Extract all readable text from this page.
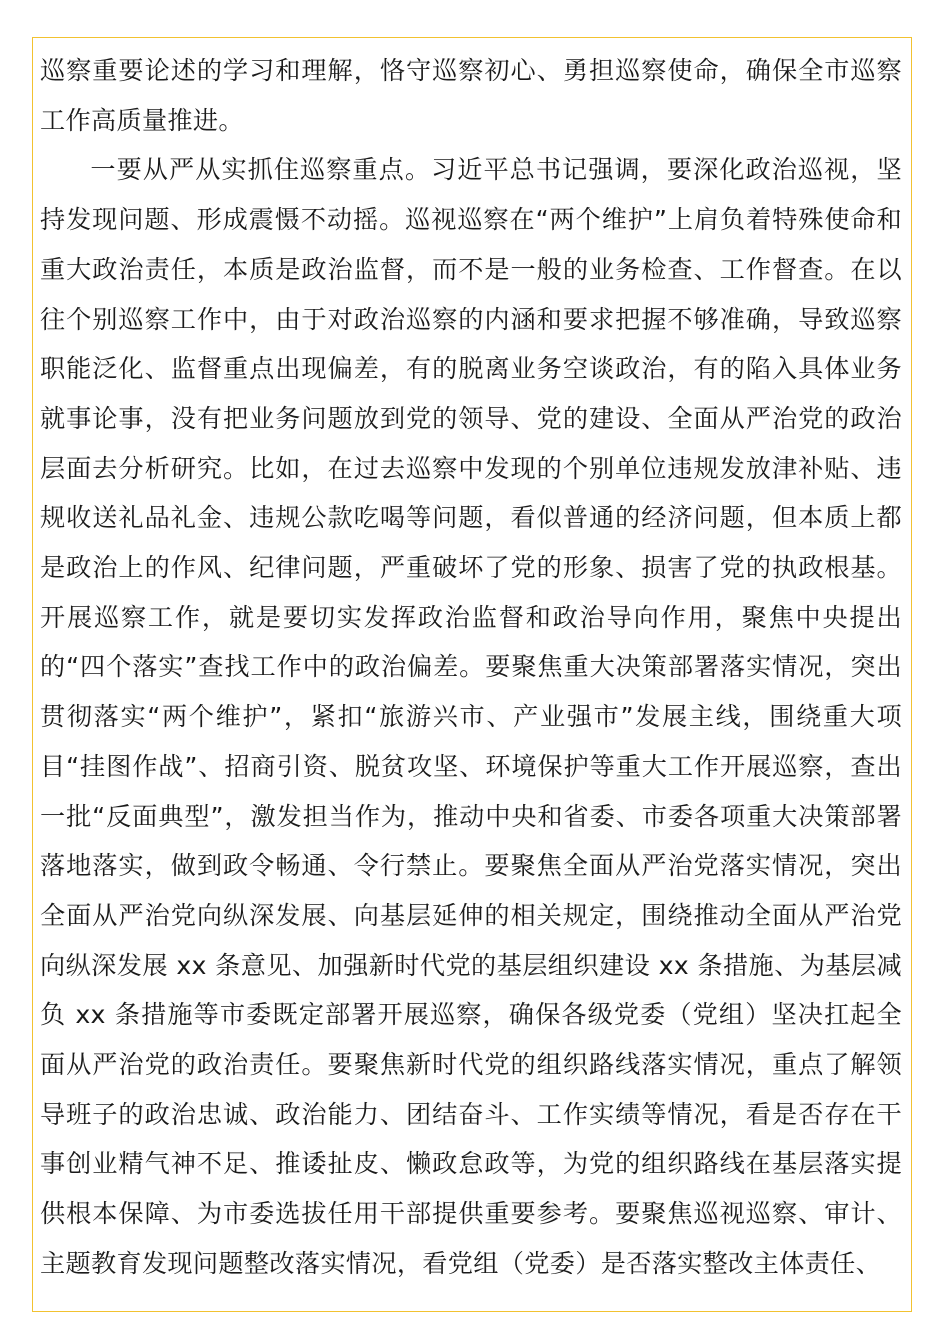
巡察重要论述的学习和理解，恪守巡察初心、勇担巡察使命，确保全市巡察工作高质量推进。

一要从严从实抓住巡察重点。习近平总书记强调，要深化政治巡视，坚持发现问题、形成震慑不动摇。巡视巡察在“两个维护”上肩负着特殊使命和重大政治责任，本质是政治监督，而不是一般的业务检查、工作督查。在以往个别巡察工作中，由于对政治巡察的内涵和要求把握不够准确，导致巡察职能泛化、监督重点出现偏差，有的脱离业务空谈政治，有的陷入具体业务就事论事，没有把业务问题放到党的领导、党的建设、全面从严治党的政治层面去分析研究。比如，在过去巡察中发现的个别单位违规发放津补贴、违规收送礼品礼金、违规公款吃喝等问题，看似普通的经济问题，但本质上都是政治上的作风、纪律问题，严重破坏了党的形象、损害了党的执政根基。开展巡察工作，就是要切实发挥政治监督和政治导向作用，聚焦中央提出的“四个落实”查找工作中的政治偏差。要聚焦重大决策部署落实情况，突出贯彻落实“两个维护”，紧扣“旅游兴市、产业强市”发展主线，围绕重大项目“挂图作战”、招商引资、脱贫攻坚、环境保护等重大工作开展巡察，查出一批“反面典型”，激发担当作为，推动中央和省委、市委各项重大决策部署落地落实，做到政令畅通、令行禁止。要聚焦全面从严治党落实情况，突出全面从严治党向纵深发展、向基层延伸的相关规定，围绕推动全面从严治党向纵深发展 xx 条意见、加强新时代党的基层组织建设 xx 条措施、为基层减负 xx 条措施等市委既定部署开展巡察，确保各级党委（党组）坚决扛起全面从严治党的政治责任。要聚焦新时代党的组织路线落实情况，重点了解领导班子的政治忠诚、政治能力、团结奋斗、工作实绩等情况，看是否存在干事创业精气神不足、推诿扯皮、懒政怠政等，为党的组织路线在基层落实提供根本保障、为市委选拔任用干部提供重要参考。要聚焦巡视巡察、审计、主题教育发现问题整改落实情况，看党组（党委）是否落实整改主体责任、
